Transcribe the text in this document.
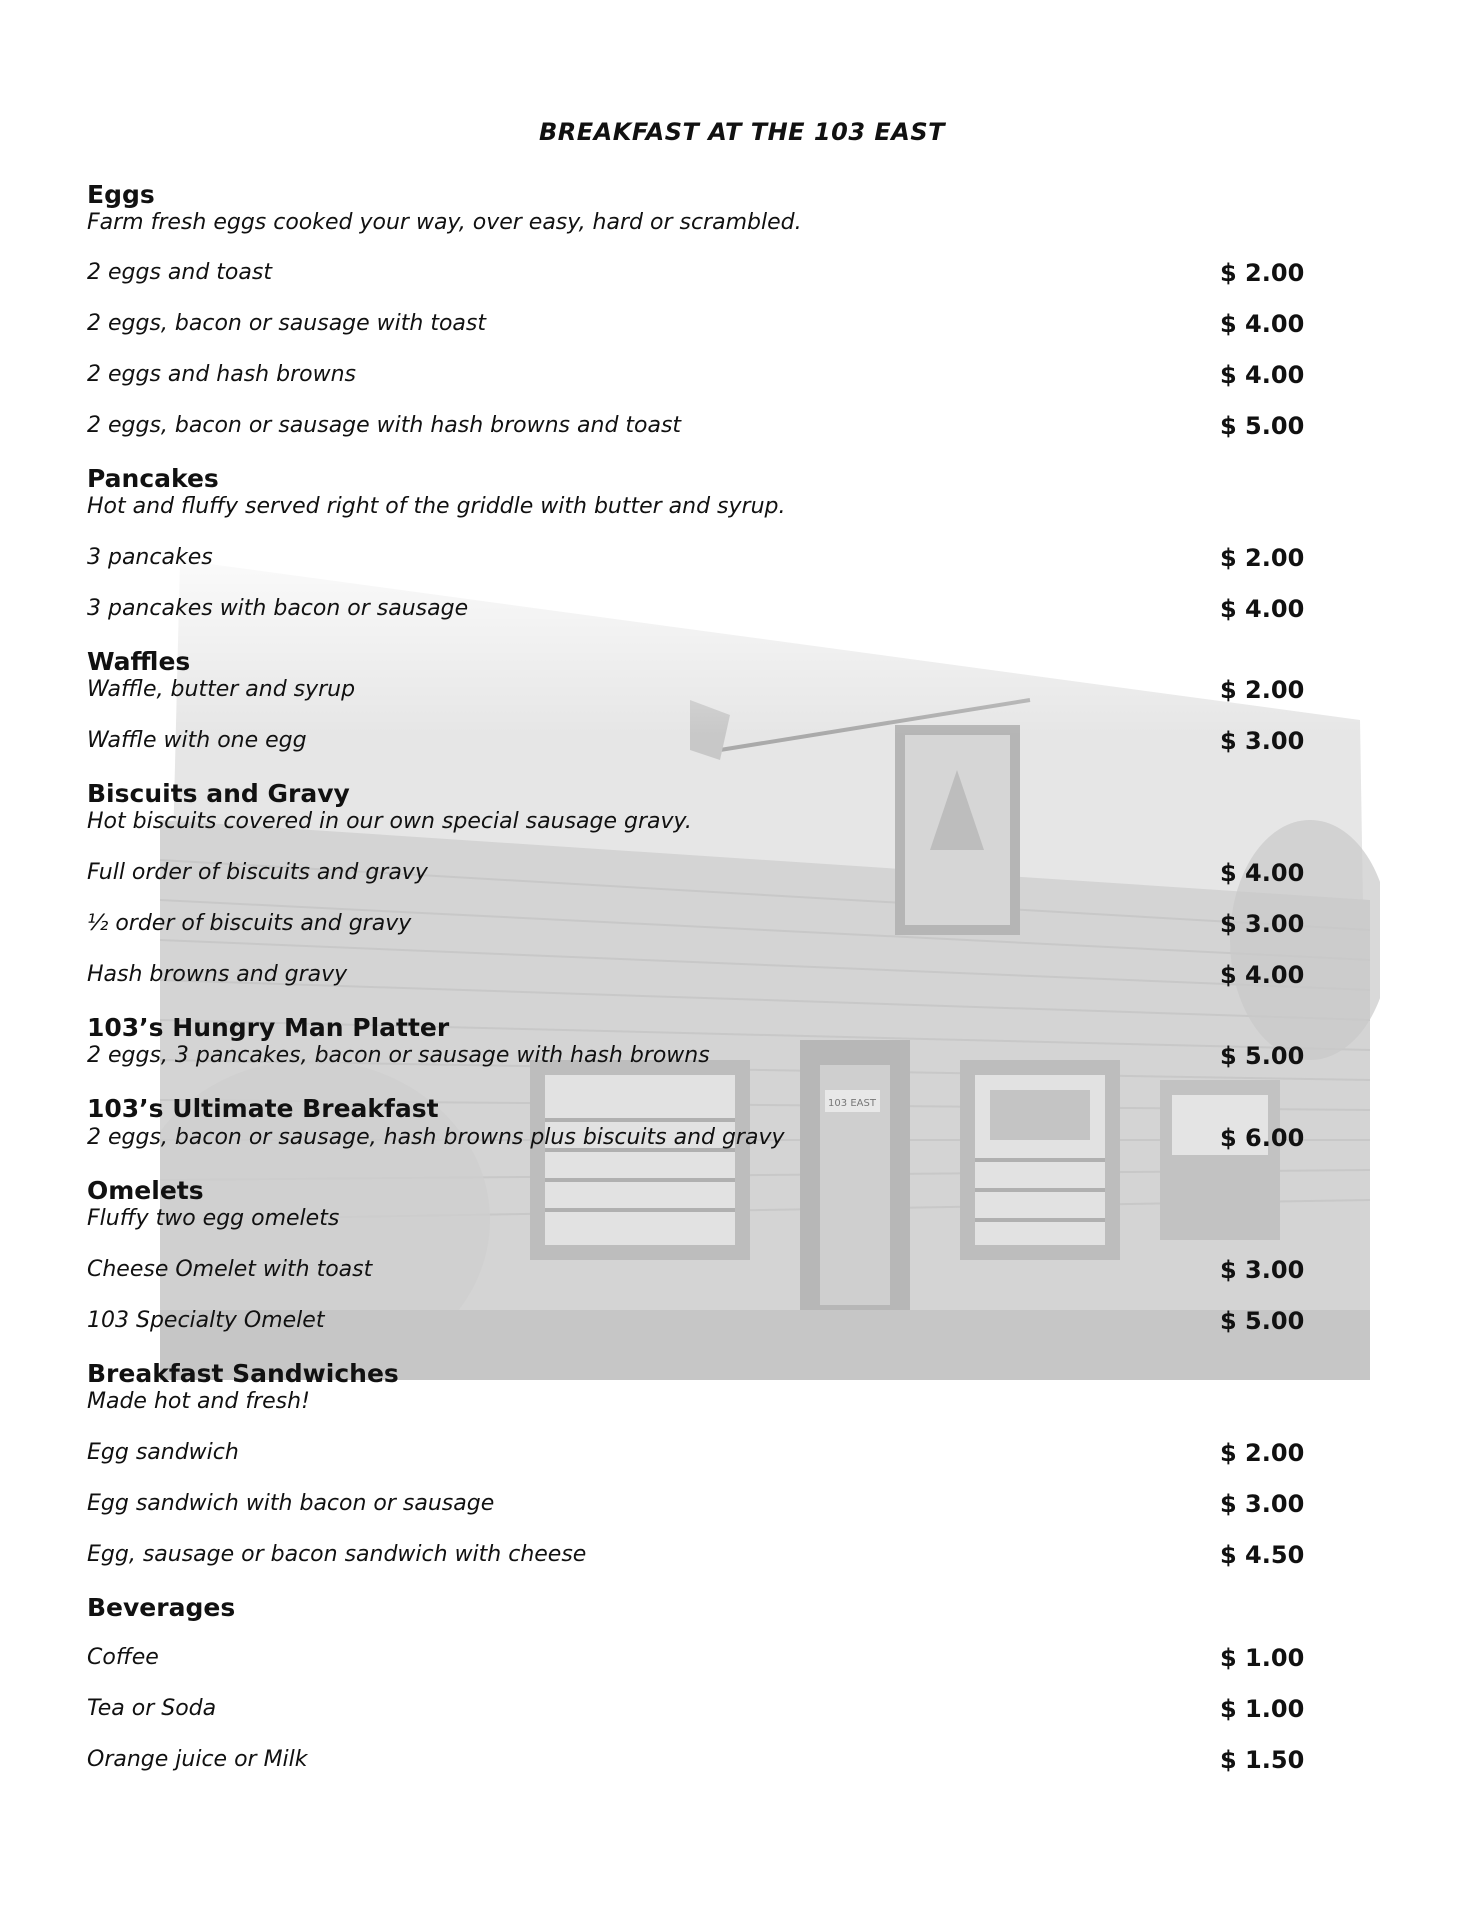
BREAKFAST AT THE 103 EAST
Eggs
Farm fresh eggs cooked your way, over easy, hard or scrambled.
2 eggs and toast	$ 2.00
2 eggs, bacon or sausage with toast	$ 4.00
2 eggs and hash browns	$ 4.00
2 eggs, bacon or sausage with hash browns and toast	$ 5.00
Pancakes
Hot and fluffy served right of the griddle with butter and syrup.
3 pancakes	$ 2.00
3 pancakes with bacon or sausage	$ 4.00
Waffles
Waffle, butter and syrup	$ 2.00
Waffle with one egg	$ 3.00
Biscuits and Gravy
Hot biscuits covered in our own special sausage gravy.
Full order of biscuits and gravy	$ 4.00
½ order of biscuits and gravy	$ 3.00
Hash browns and gravy	$ 4.00
103’s Hungry Man Platter
2 eggs, 3 pancakes, bacon or sausage with hash browns	$ 5.00
103’s Ultimate Breakfast
2 eggs, bacon or sausage, hash browns plus biscuits and gravy	$ 6.00
Omelets
Fluffy two egg omelets
Cheese Omelet with toast	$ 3.00
103 Specialty Omelet	$ 5.00
Breakfast Sandwiches
Made hot and fresh!
Egg sandwich	$ 2.00
Egg sandwich with bacon or sausage	$ 3.00
Egg, sausage or bacon sandwich with cheese	$ 4.50
Beverages
Coffee	$ 1.00
Tea or Soda	$ 1.00
Orange juice or Milk	$ 1.50
